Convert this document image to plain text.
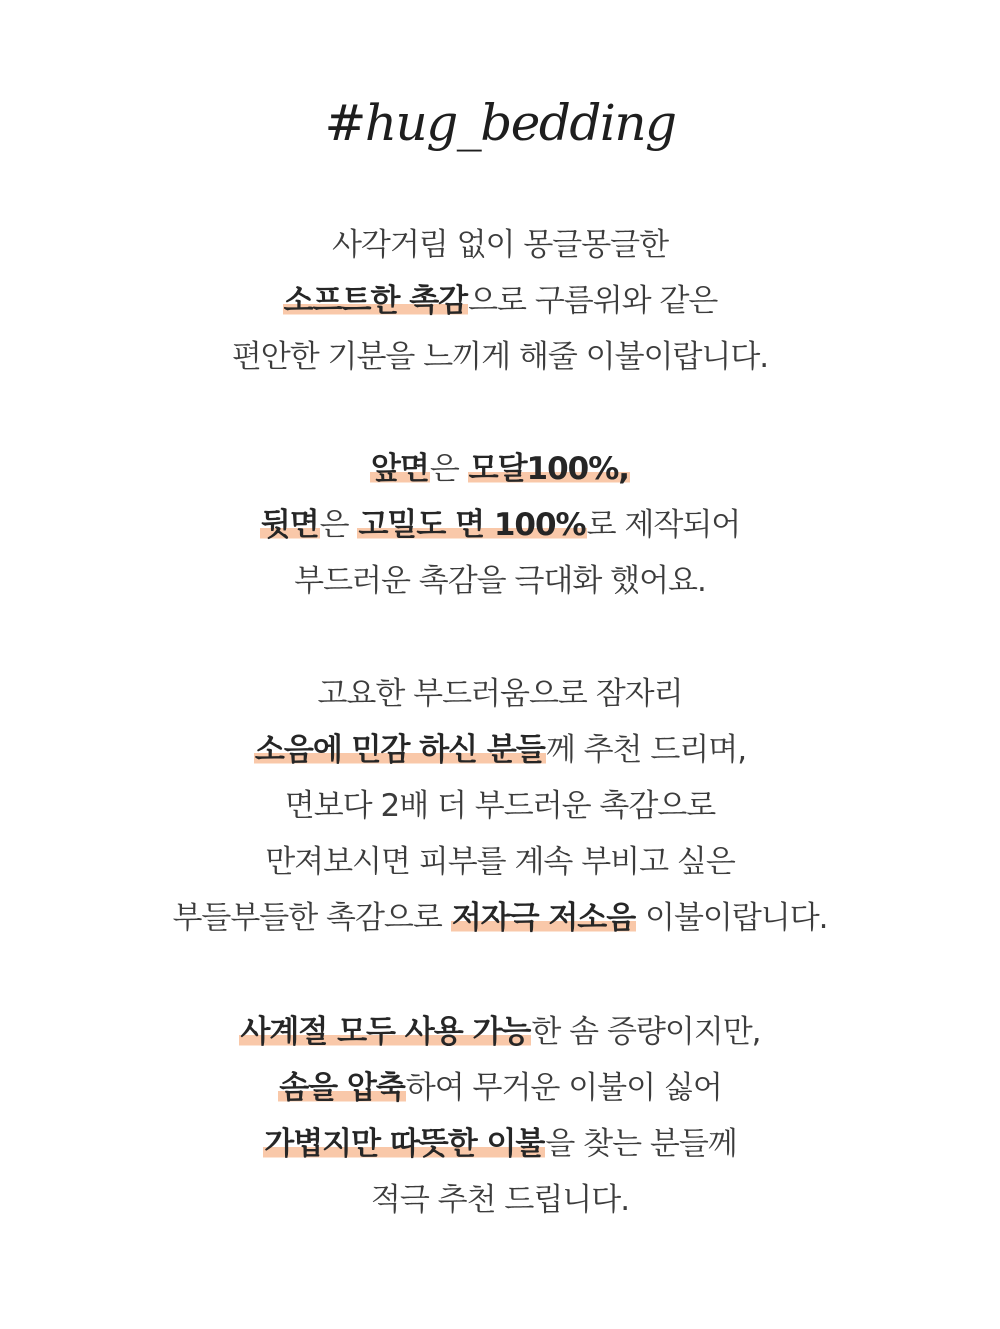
#hug_bedding
사각거림 없이 몽글몽글한
소프트한 촉감으로 구름위와 같은
편안한 기분을 느끼게 해줄 이불이랍니다.
앞면은 모달100%,
뒷면은 고밀도 면 100%로 제작되어
부드러운 촉감을 극대화 했어요.
고요한 부드러움으로 잠자리
소음에 민감 하신 분들께 추천 드리며,
면보다 2배 더 부드러운 촉감으로
만져보시면 피부를 계속 부비고 싶은
부들부들한 촉감으로 저자극 저소음 이불이랍니다.
사계절 모두 사용 가능한 솜 증량이지만,
솜을 압축하여 무거운 이불이 싫어
가볍지만 따뜻한 이불을 찾는 분들께
적극 추천 드립니다.
